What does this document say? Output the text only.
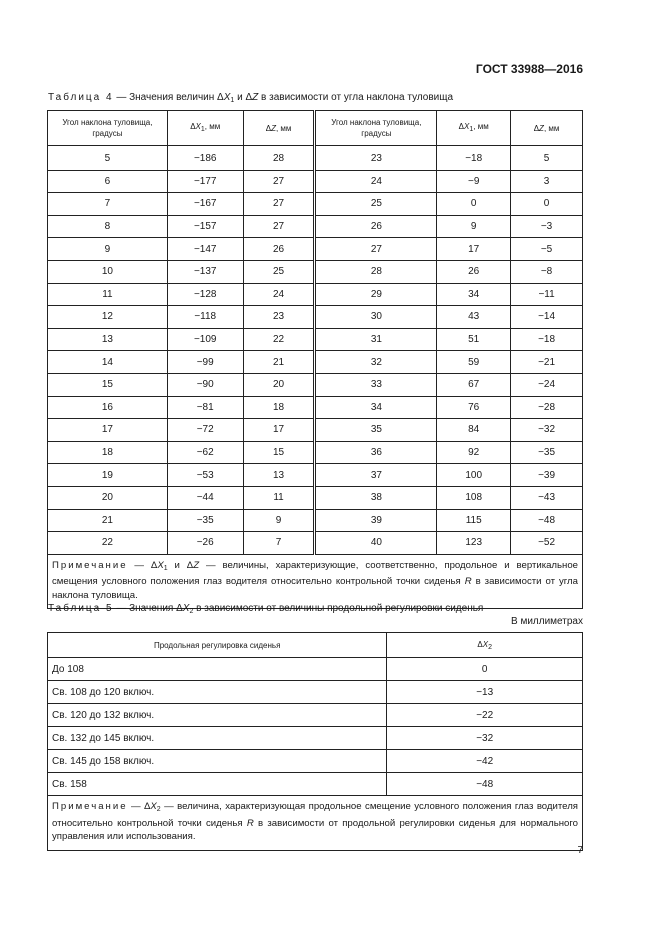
ГОСТ 33988—2016
Таблица 4 — Значения величин $\Delta X_1$ и ΔZ в зависимости от угла наклона туловища
Угол наклона туловища, градусы	$\Delta X_1$, мм	ΔZ, мм	Угол наклона туловища, градусы	$\Delta X_1$, мм	ΔZ, мм
5	−186	28	23	−18	5
6	−177	27	24	−9	3
7	−167	27	25	0	0
8	−157	27	26	9	−3
9	−147	26	27	17	−5
10	−137	25	28	26	−8
11	−128	24	29	34	−11
12	−118	23	30	43	−14
13	−109	22	31	51	−18
14	−99	21	32	59	−21
15	−90	20	33	67	−24
16	−81	18	34	76	−28
17	−72	17	35	84	−32
18	−62	15	36	92	−35
19	−53	13	37	100	−39
20	−44	11	38	108	−43
21	−35	9	39	115	−48
22	−26	7	40	123	−52
Примечание — $\Delta X_1$ и ΔZ — величины, характеризующие, соответственно, продольное и вертикальное смещения условного положения глаз водителя относительно контрольной точки сиденья R в зависимости от угла наклона туловища.					
Таблица 5 — Значения $\Delta X_2$ в зависимости от величины продольной регулировки сиденья
В миллиметрах
Продольная регулировка сиденья	$\Delta X_2$
До 108	0
Св. 108 до 120 включ.	−13
Св. 120 до 132 включ.	−22
Св. 132 до 145 включ.	−32
Св. 145 до 158 включ.	−42
Св. 158	−48
Примечание — $\Delta X_2$ — величина, характеризующая продольное смещение условного положения глаз водителя относительно контрольной точки сиденья R в зависимости от продольной регулировки сиденья для нормального управления или использования.	
7
